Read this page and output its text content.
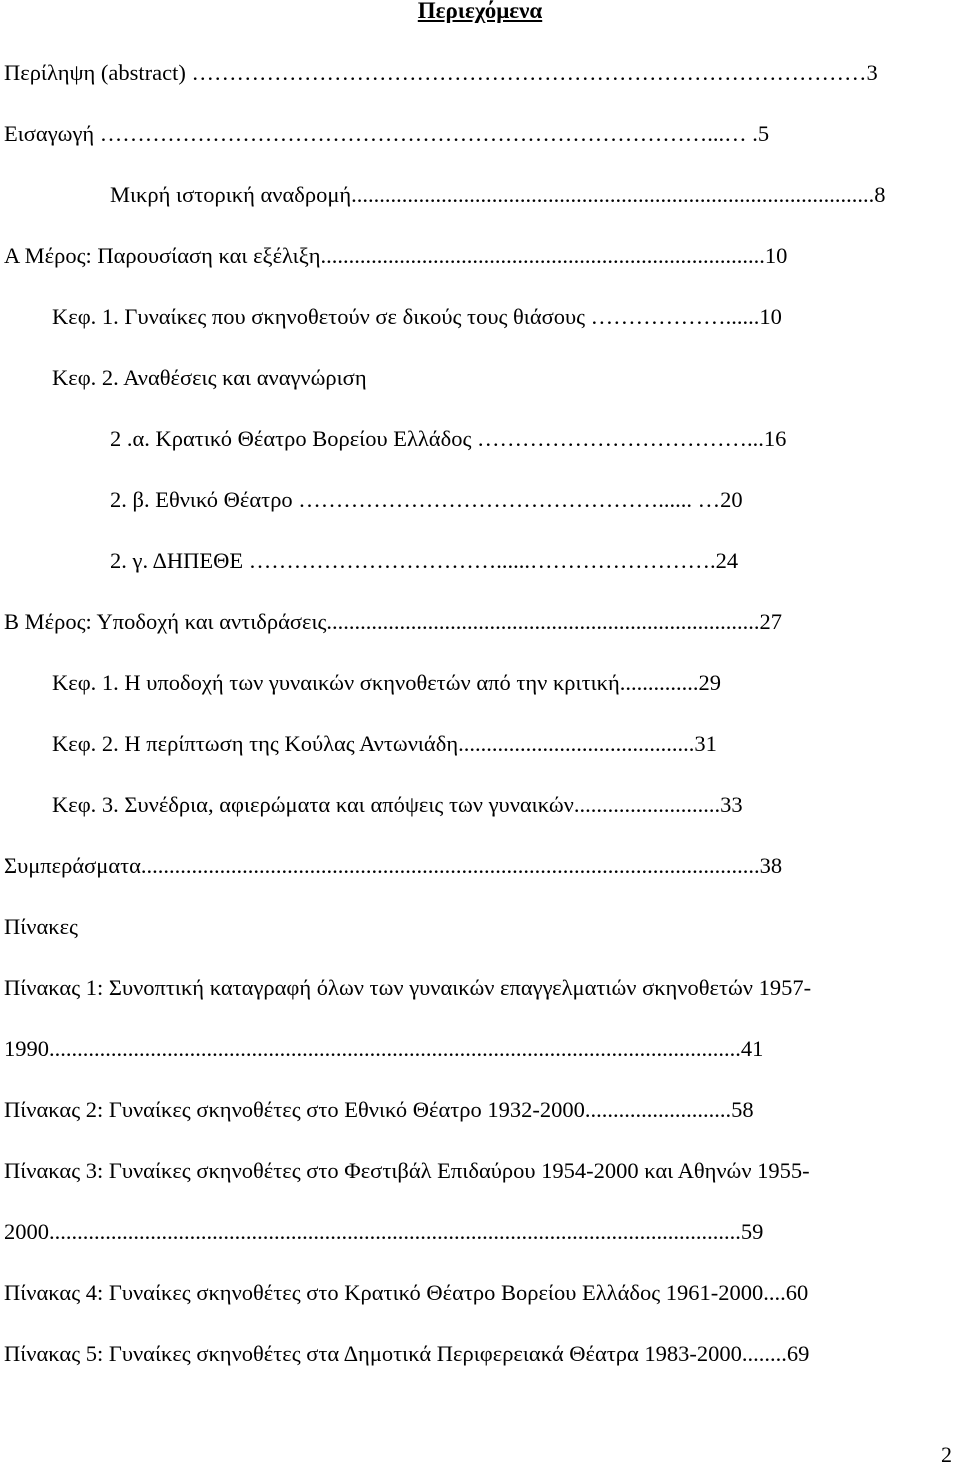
Περιεχόμενα
Περίληψη (abstract) ………………………………………………………………………………3
Εισαγωγή ………………………………………………………………………...… .5
Μικρή ιστορική αναδρομή.............................................................................................8
Α Μέρος: Παρουσίαση και εξέλιξη...............................................................................10
Κεφ. 1. Γυναίκες που σκηνοθετούν σε δικούς τους θιάσους ………………......10
Κεφ. 2. Αναθέσεις και αναγνώριση
2 .α. Κρατικό Θέατρο Βορείου Ελλάδος ………………………………...16
2. β. Εθνικό Θέατρο …………………………………………...... …20
2. γ. ΔΗΠΕΘΕ ……………………………......…………………….24
Β Μέρος: Υποδοχή και αντιδράσεις.............................................................................27
Κεφ. 1. Η υποδοχή των γυναικών σκηνοθετών από την κριτική..............29
Κεφ. 2. Η περίπτωση της Κούλας Αντωνιάδη..........................................31
Κεφ. 3. Συνέδρια, αφιερώματα και απόψεις των γυναικών..........................33
Συμπεράσματα..............................................................................................................38
Πίνακες
Πίνακας 1: Συνοπτική καταγραφή όλων των γυναικών επαγγελματιών σκηνοθετών 1957-
1990...........................................................................................................................41
Πίνακας 2: Γυναίκες σκηνοθέτες στο Εθνικό Θέατρο 1932-2000..........................58
Πίνακας 3: Γυναίκες σκηνοθέτες στο Φεστιβάλ Επιδαύρου 1954-2000 και Αθηνών 1955-
2000...........................................................................................................................59
Πίνακας 4: Γυναίκες σκηνοθέτες στο Κρατικό Θέατρο Βορείου Ελλάδος 1961-2000....60
Πίνακας 5: Γυναίκες σκηνοθέτες στα Δημοτικά Περιφερειακά Θέατρα 1983-2000........69
2
